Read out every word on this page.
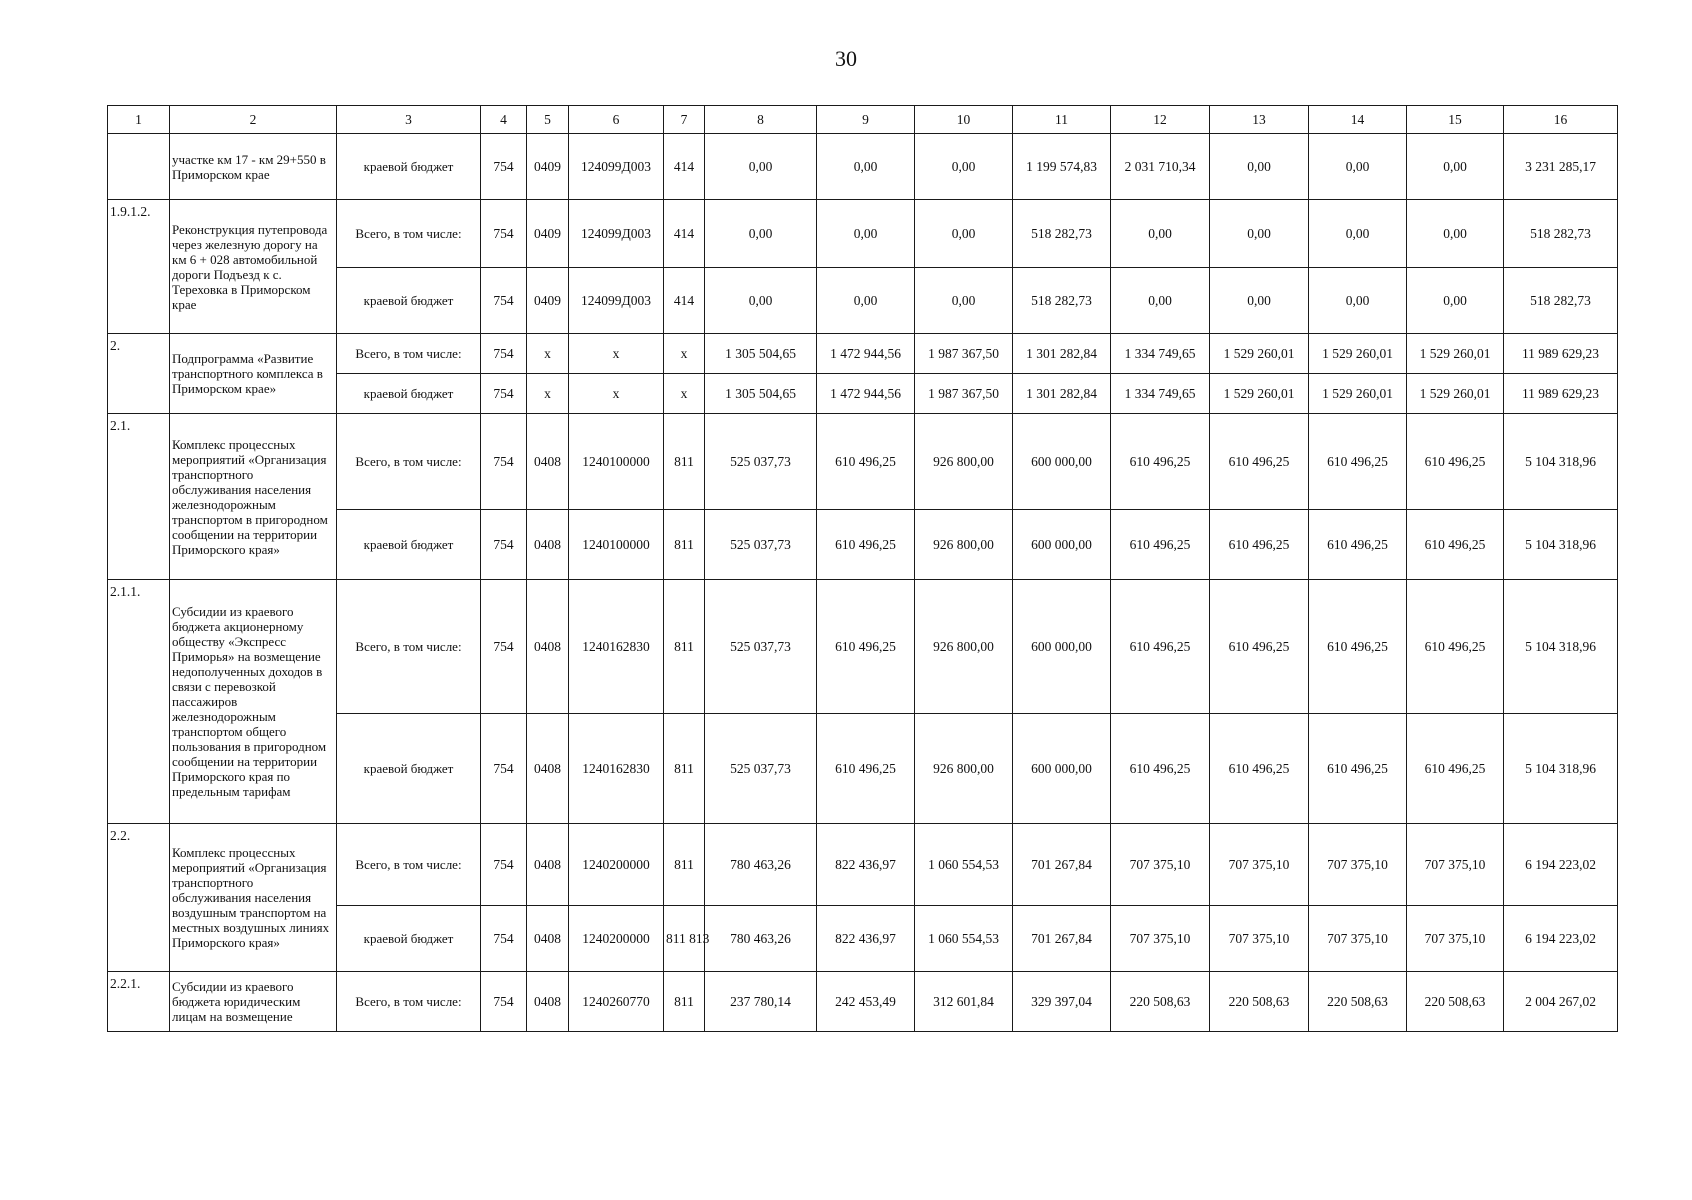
30
1	2	3	4	5	6	7	8	9	10	11	12	13	14	15	16
	участке км 17 - км 29+550 в Приморском крае	краевой бюджет	754	0409	124099Д003	414	0,00	0,00	0,00	1 199 574,83	2 031 710,34	0,00	0,00	0,00	3 231 285,17
1.9.1.2.	Реконструкция путепровода через железную дорогу на км 6 + 028 автомобильной дороги Подъезд к с. Тереховка в Приморском крае	Всего, в том числе:	754	0409	124099Д003	414	0,00	0,00	0,00	518 282,73	0,00	0,00	0,00	0,00	518 282,73
		краевой бюджет	754	0409	124099Д003	414	0,00	0,00	0,00	518 282,73	0,00	0,00	0,00	0,00	518 282,73
2.	Подпрограмма «Развитие транспортного комплекса в Приморском крае»	Всего, в том числе:	754	х	х	х	1 305 504,65	1 472 944,56	1 987 367,50	1 301 282,84	1 334 749,65	1 529 260,01	1 529 260,01	1 529 260,01	11 989 629,23
		краевой бюджет	754	х	х	х	1 305 504,65	1 472 944,56	1 987 367,50	1 301 282,84	1 334 749,65	1 529 260,01	1 529 260,01	1 529 260,01	11 989 629,23
2.1.	Комплекс процессных мероприятий «Организация транспортного обслуживания населения железнодорожным транспортом в пригородном сообщении на территории Приморского края»	Всего, в том числе:	754	0408	1240100000	811	525 037,73	610 496,25	926 800,00	600 000,00	610 496,25	610 496,25	610 496,25	610 496,25	5 104 318,96
		краевой бюджет	754	0408	1240100000	811	525 037,73	610 496,25	926 800,00	600 000,00	610 496,25	610 496,25	610 496,25	610 496,25	5 104 318,96
2.1.1.	Субсидии из краевого бюджета акционерному обществу «Экспресс Приморья» на возмещение недополученных доходов в связи с перевозкой пассажиров железнодорожным транспортом общего пользования в пригородном сообщении на территории Приморского края по предельным тарифам	Всего, в том числе:	754	0408	1240162830	811	525 037,73	610 496,25	926 800,00	600 000,00	610 496,25	610 496,25	610 496,25	610 496,25	5 104 318,96
		краевой бюджет	754	0408	1240162830	811	525 037,73	610 496,25	926 800,00	600 000,00	610 496,25	610 496,25	610 496,25	610 496,25	5 104 318,96
2.2.	Комплекс процессных мероприятий «Организация транспортного обслуживания населения воздушным транспортом на местных воздушных линиях Приморского края»	Всего, в том числе:	754	0408	1240200000	811	780 463,26	822 436,97	1 060 554,53	701 267,84	707 375,10	707 375,10	707 375,10	707 375,10	6 194 223,02
		краевой бюджет	754	0408	1240200000	811 813	780 463,26	822 436,97	1 060 554,53	701 267,84	707 375,10	707 375,10	707 375,10	707 375,10	6 194 223,02
2.2.1.	Субсидии из краевого бюджета юридическим лицам на возмещение	Всего, в том числе:	754	0408	1240260770	811	237 780,14	242 453,49	312 601,84	329 397,04	220 508,63	220 508,63	220 508,63	220 508,63	2 004 267,02
